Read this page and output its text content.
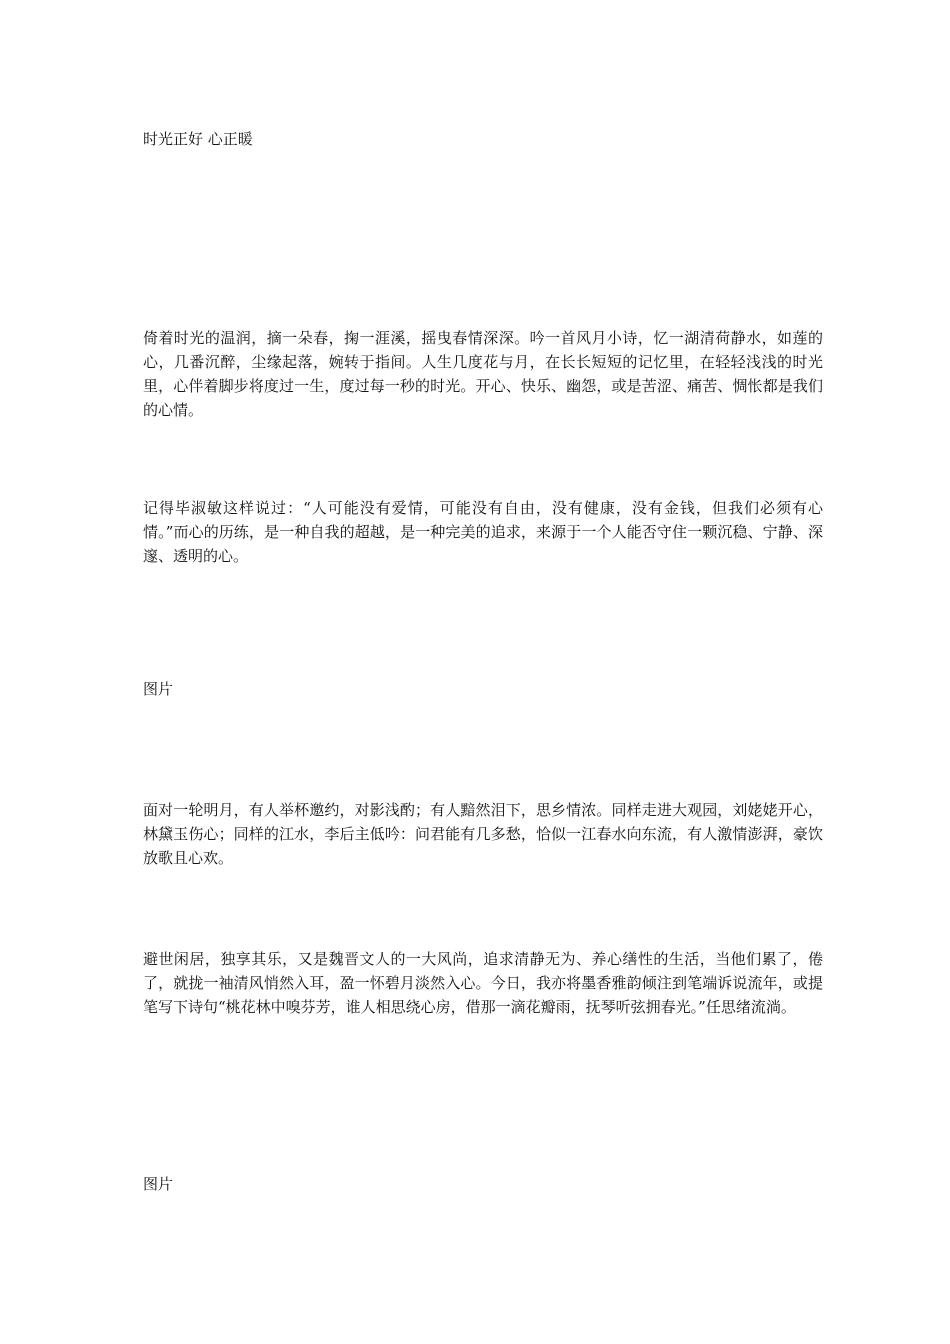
时光正好 心正暖

倚着时光的温润，摘一朵春，掬一涯溪，摇曳春情深深。吟一首风月小诗，忆一湖清荷静水，如莲的心，几番沉醉，尘缘起落，婉转于指间。人生几度花与月，在长长短短的记忆里，在轻轻浅浅的时光里，心伴着脚步将度过一生，度过每一秒的时光。开心、快乐、幽怨，或是苦涩、痛苦、惆怅都是我们的心情。

记得毕淑敏这样说过：“人可能没有爱情，可能没有自由，没有健康，没有金钱，但我们必须有心情。”而心的历练，是一种自我的超越，是一种完美的追求，来源于一个人能否守住一颗沉稳、宁静、深邃、透明的心。

图片

面对一轮明月，有人举杯邀约，对影浅酌；有人黯然泪下，思乡情浓。同样走进大观园，刘姥姥开心，林黛玉伤心；同样的江水，李后主低吟：问君能有几多愁，恰似一江春水向东流，有人激情澎湃，豪饮放歌且心欢。

避世闲居，独享其乐，又是魏晋文人的一大风尚，追求清静无为、养心缮性的生活，当他们累了，倦了，就拢一袖清风悄然入耳，盈一怀碧月淡然入心。今日，我亦将墨香雅韵倾注到笔端诉说流年，或提笔写下诗句“桃花林中嗅芬芳，谁人相思绕心房，借那一滴花瓣雨，抚琴听弦拥春光。”任思绪流淌。

图片
